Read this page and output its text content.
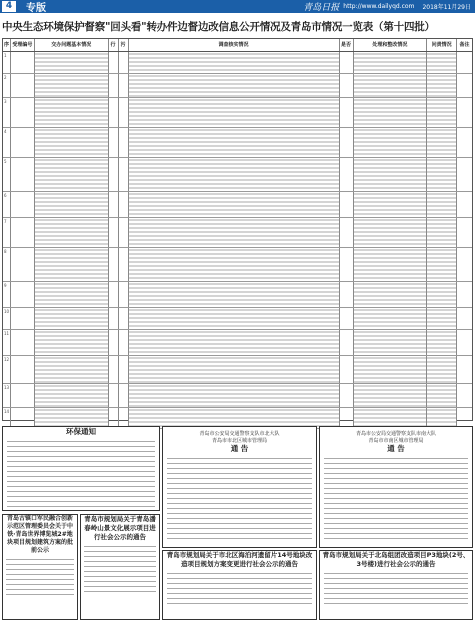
4	专版	青岛日报 http://www.dailyqd.com 2018年11月29日
中央生态环境保护督察"回头看"转办件边督边改信息公开情况及青岛市情况一览表（第十四批）
序 受理编号	交办问题基本情况	行 污	调查核实情况	是否	处理和整改情况	问责情况	备注
1
2
3
4
5
6
7
8
9
10
11
12
13
14
环保通知	青岛市公安局交通警察支队市北大队
青岛市市北区城市管理局
通 告
青岛市公安局交通警察支队市南大队
青岛市市南区城市管理局
通 告
青岛古镇口军民融合创新示范区管理委员会关于中铁·青岛世界博览城2#地块项目规划建筑方案的批前公示
青岛市规划局关于青岛潘春岭山景文化展示项目进行社会公示的通告
青岛市规划局关于市北区海泊河遗留片14号地块改造项目规划方案变更进行社会公示的通告
青岛市规划局关于北岛组团改造项目P3地块(2号、3号楼)进行社会公示的通告
